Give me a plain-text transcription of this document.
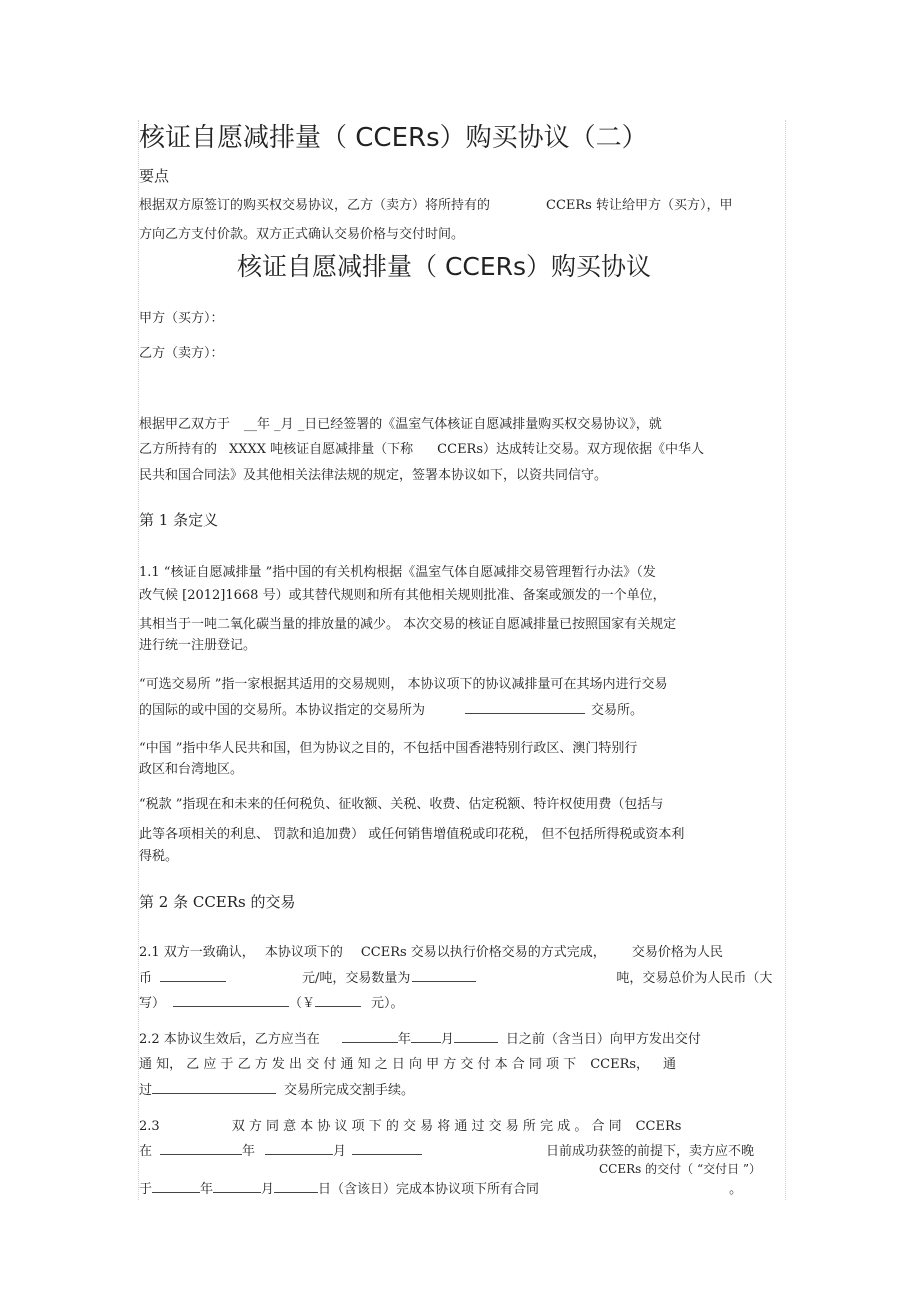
核证自愿减排量（ CCERs）购买协议（二）
要点
根据双方原签订的购买权交易协议，乙方（卖方）将所持有的	CCERs 转让给甲方（买方），甲
方向乙方支付价款。双方正式确认交易价格与交付时间。
核证自愿减排量（ CCERs）购买协议
甲方（买方）：
乙方（卖方）：
根据甲乙双方于 __年 _月 _日已经签署的《温室气体核证自愿减排量购买权交易协议》，就
乙方所持有的 XXXX 吨核证自愿减排量（下称 CCERs）达成转让交易。双方现依据《中华人
民共和国合同法》及其他相关法律法规的规定，签署本协议如下，以资共同信守。
第 1 条定义
1.1 “核证自愿减排量 ”指中国的有关机构根据《温室气体自愿减排交易管理暂行办法》（发
改气候 [2012]1668 号）或其替代规则和所有其他相关规则批准、备案或颁发的一个单位，
其相当于一吨二氧化碳当量的排放量的减少。 本次交易的核证自愿减排量已按照国家有关规定
进行统一注册登记。
“可选交易所 ”指一家根据其适用的交易规则， 本协议项下的协议减排量可在其场内进行交易
的国际的或中国的交易所。本协议指定的交易所为	交易所。
“中国 ”指中华人民共和国，但为协议之目的，不包括中国香港特别行政区、澳门特别行
政区和台湾地区。
“税款 ”指现在和未来的任何税负、征收额、关税、收费、估定税额、特许权使用费（包括与
此等各项相关的利息、 罚款和追加费） 或任何销售增值税或印花税， 但不包括所得税或资本利
得税。
第 2 条 CCERs 的交易
2.1 双方一致确认， 本协议项下的 CCERs 交易以执行价格交易的方式完成， 交易价格为人民
币	元/吨，交易数量为	吨，交易总价为人民币（大
写）	（￥	元）。
2.2 本协议生效后，乙方应当在	年 月	日之前（含当日）向甲方发出交付
通 知， 乙 应 于 乙 方 发 出 交 付 通 知 之 日 向 甲 方 交 付 本 合 同 项 下 CCERs， 通
过	交易所完成交割手续。
2.3	双 方 同 意 本 协 议 项 下 的 交 易 将 通 过 交 易 所 完 成 。 合 同 CCERs
在	年	月	日前成功获签的前提下，卖方应不晚
CCERs 的交付（ “交付日 ”）
于	年	月	日（含该日）完成本协议项下所有合同	。
